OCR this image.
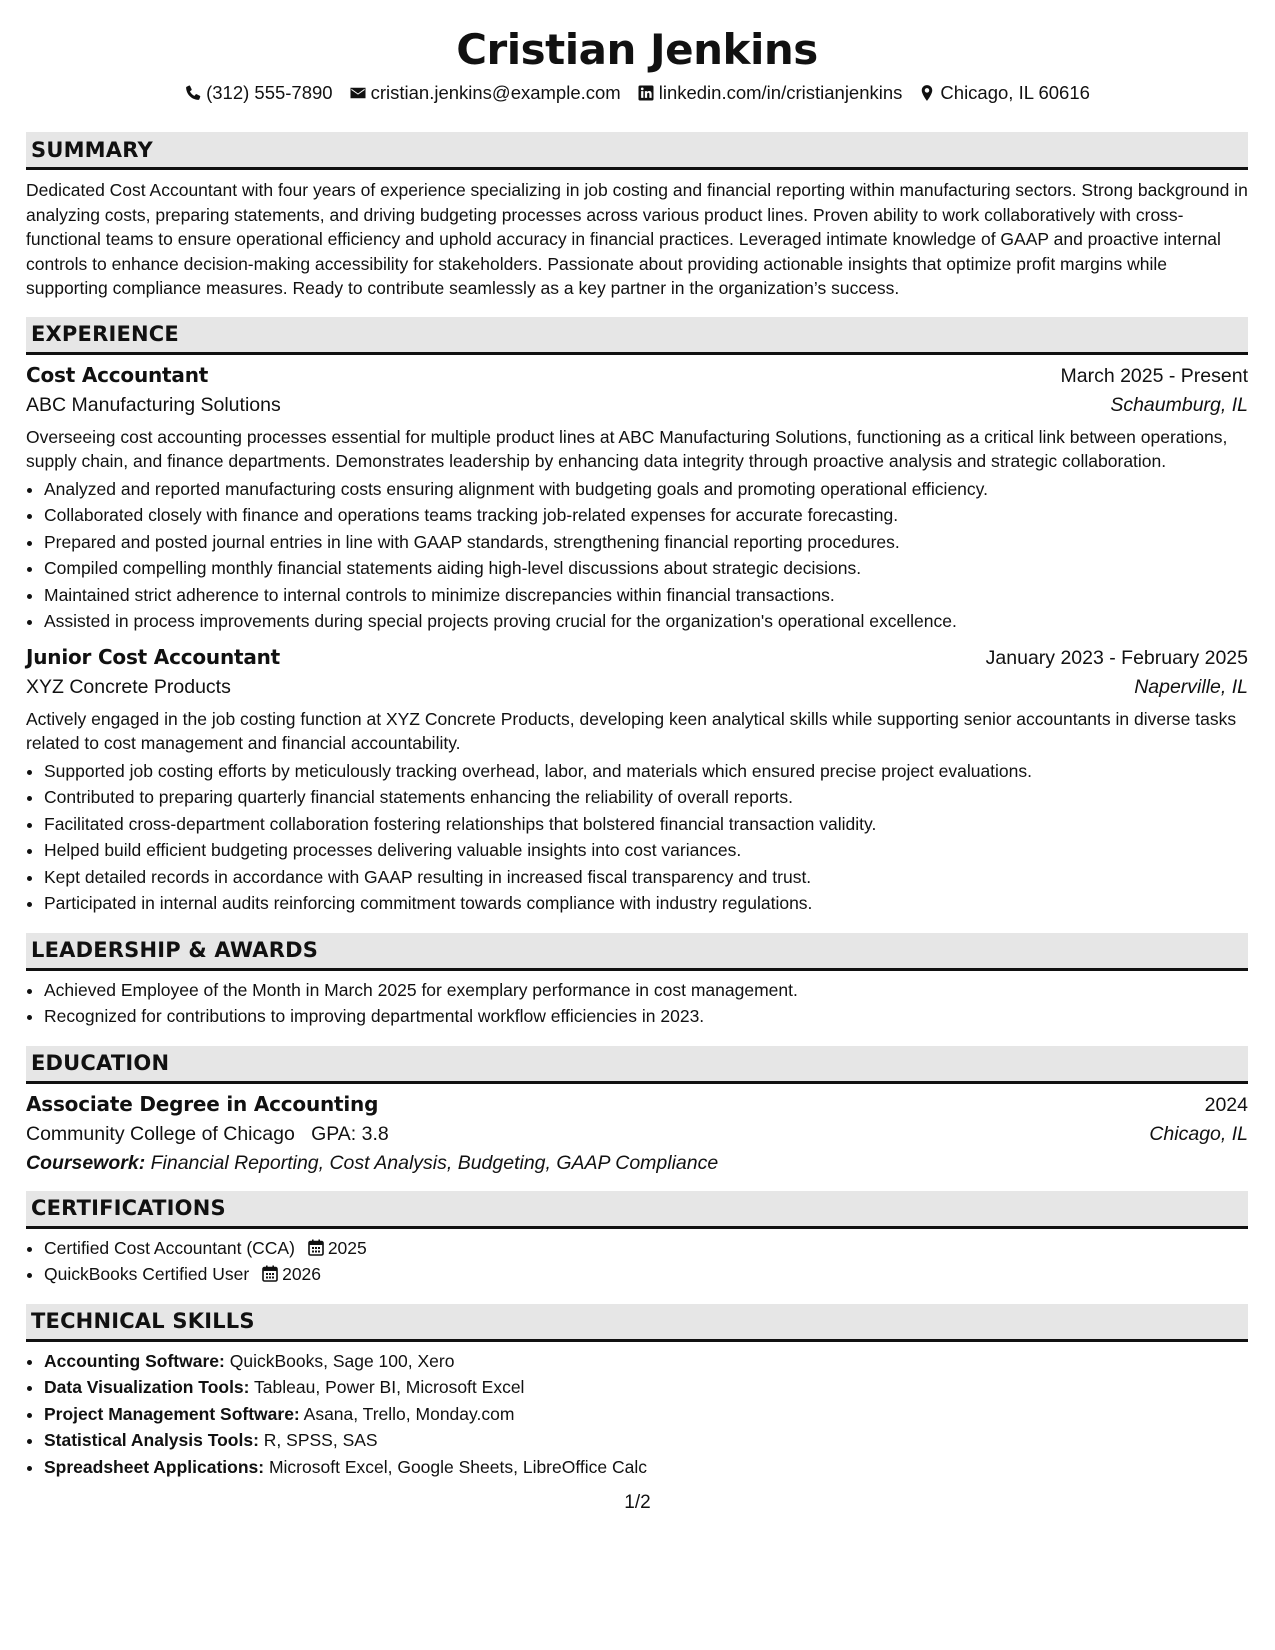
Cristian Jenkins
(312) 555-7890 cristian.jenkins@example.com linkedin.com/in/cristianjenkins Chicago, IL 60616
SUMMARY
Dedicated Cost Accountant with four years of experience specializing in job costing and financial reporting within manufacturing sectors. Strong background in analyzing costs, preparing statements, and driving budgeting processes across various product lines. Proven ability to work collaboratively with cross-functional teams to ensure operational efficiency and uphold accuracy in financial practices. Leveraged intimate knowledge of GAAP and proactive internal controls to enhance decision-making accessibility for stakeholders. Passionate about providing actionable insights that optimize profit margins while supporting compliance measures. Ready to contribute seamlessly as a key partner in the organization’s success.
EXPERIENCE
Cost Accountant	March 2025 - Present
ABC Manufacturing Solutions	Schaumburg, IL
Overseeing cost accounting processes essential for multiple product lines at ABC Manufacturing Solutions, functioning as a critical link between operations, supply chain, and finance departments. Demonstrates leadership by enhancing data integrity through proactive analysis and strategic collaboration.
• Analyzed and reported manufacturing costs ensuring alignment with budgeting goals and promoting operational efficiency.
• Collaborated closely with finance and operations teams tracking job-related expenses for accurate forecasting.
• Prepared and posted journal entries in line with GAAP standards, strengthening financial reporting procedures.
• Compiled compelling monthly financial statements aiding high-level discussions about strategic decisions.
• Maintained strict adherence to internal controls to minimize discrepancies within financial transactions.
• Assisted in process improvements during special projects proving crucial for the organization's operational excellence.
Junior Cost Accountant	January 2023 - February 2025
XYZ Concrete Products	Naperville, IL
Actively engaged in the job costing function at XYZ Concrete Products, developing keen analytical skills while supporting senior accountants in diverse tasks related to cost management and financial accountability.
• Supported job costing efforts by meticulously tracking overhead, labor, and materials which ensured precise project evaluations.
• Contributed to preparing quarterly financial statements enhancing the reliability of overall reports.
• Facilitated cross-department collaboration fostering relationships that bolstered financial transaction validity.
• Helped build efficient budgeting processes delivering valuable insights into cost variances.
• Kept detailed records in accordance with GAAP resulting in increased fiscal transparency and trust.
• Participated in internal audits reinforcing commitment towards compliance with industry regulations.
LEADERSHIP & AWARDS
• Achieved Employee of the Month in March 2025 for exemplary performance in cost management.
• Recognized for contributions to improving departmental workflow efficiencies in 2023.
EDUCATION
Associate Degree in Accounting	2024
Community College of Chicago GPA: 3.8	Chicago, IL
Coursework: Financial Reporting, Cost Analysis, Budgeting, GAAP Compliance
CERTIFICATIONS
• Certified Cost Accountant (CCA) 2025
• QuickBooks Certified User 2026
TECHNICAL SKILLS
• Accounting Software: QuickBooks, Sage 100, Xero
• Data Visualization Tools: Tableau, Power BI, Microsoft Excel
• Project Management Software: Asana, Trello, Monday.com
• Statistical Analysis Tools: R, SPSS, SAS
• Spreadsheet Applications: Microsoft Excel, Google Sheets, LibreOffice Calc
1/2
